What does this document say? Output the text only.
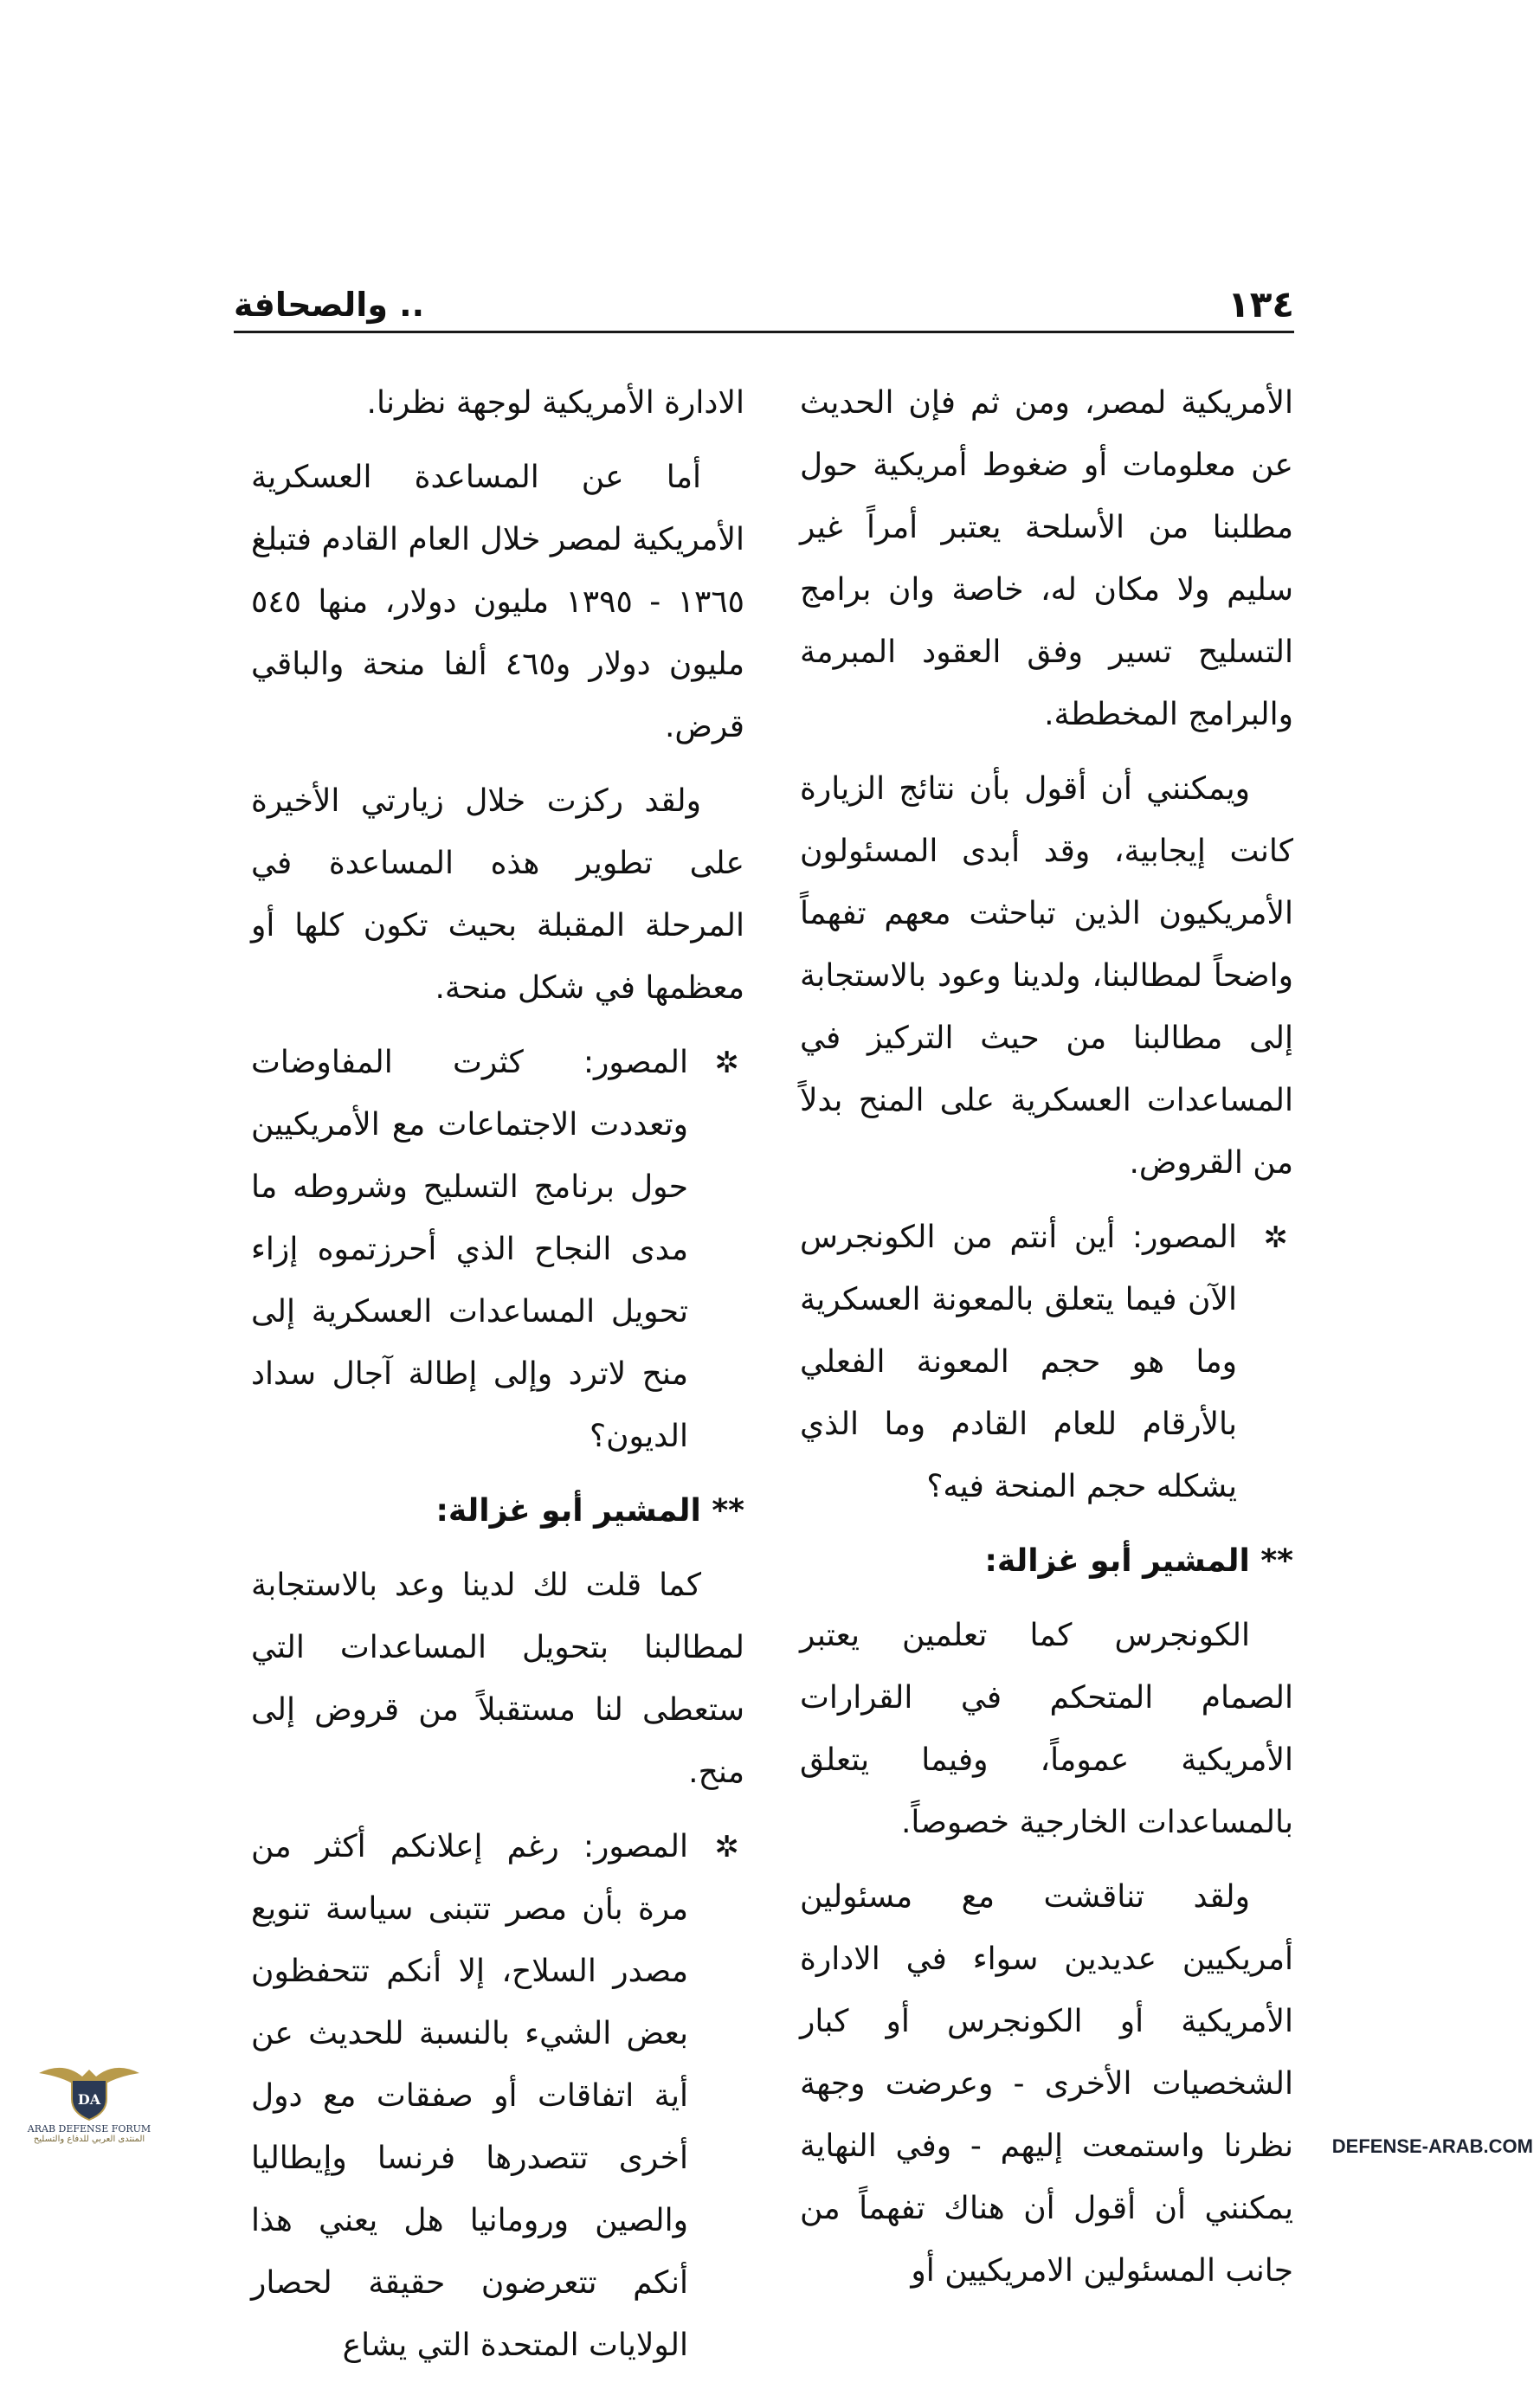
١٣٤
.. والصحافة

الأمريكية لمصر، ومن ثم فإن الحديث عن معلومات أو ضغوط أمريكية حول مطلبنا من الأسلحة يعتبر أمراً غير سليم ولا مكان له، خاصة وان برامج التسليح تسير وفق العقود المبرمة والبرامج المخططة.

ويمكنني أن أقول بأن نتائج الزيارة كانت إيجابية، وقد أبدى المسئولون الأمريكيون الذين تباحثت معهم تفهماً واضحاً لمطالبنا، ولدينا وعود بالاستجابة إلى مطالبنا من حيث التركيز في المساعدات العسكرية على المنح بدلاً من القروض.

✲
المصور: أين أنتم من الكونجرس الآن فيما يتعلق بالمعونة العسكرية وما هو حجم المعونة الفعلي بالأرقام للعام القادم وما الذي يشكله حجم المنحة فيه؟

** المشير أبو غزالة:

الكونجرس كما تعلمين يعتبر الصمام المتحكم في القرارات الأمريكية عموماً، وفيما يتعلق بالمساعدات الخارجية خصوصاً.

ولقد تناقشت مع مسئولين أمريكيين عديدين سواء في الادارة الأمريكية أو الكونجرس أو كبار الشخصيات الأخرى - وعرضت وجهة نظرنا واستمعت إليهم - وفي النهاية يمكنني أن أقول أن هناك تفهماً من جانب المسئولين الامريكيين أو

الادارة الأمريكية لوجهة نظرنا.

أما عن المساعدة العسكرية الأمريكية لمصر خلال العام القادم فتبلغ ١٣٦٥ - ١٣٩٥ مليون دولار، منها ٥٤٥ مليون دولار و٤٦٥ ألفا منحة والباقي قرض.

ولقد ركزت خلال زيارتي الأخيرة على تطوير هذه المساعدة في المرحلة المقبلة بحيث تكون كلها أو معظمها في شكل منحة.

✲
المصور: كثرت المفاوضات وتعددت الاجتماعات مع الأمريكيين حول برنامج التسليح وشروطه ما مدى النجاح الذي أحرزتموه إزاء تحويل المساعدات العسكرية إلى منح لاترد وإلى إطالة آجال سداد الديون؟

** المشير أبو غزالة:

كما قلت لك لدينا وعد بالاستجابة لمطالبنا بتحويل المساعدات التي ستعطى لنا مستقبلاً من قروض إلى منح.

✲
المصور: رغم إعلانكم أكثر من مرة بأن مصر تتبنى سياسة تنويع مصدر السلاح، إلا أنكم تتحفظون بعض الشيء بالنسبة للحديث عن أية اتفاقات أو صفقات مع دول أخرى تتصدرها فرنسا وإيطاليا والصين ورومانيا هل يعني هذا أنكم تتعرضون حقيقة لحصار الولايات المتحدة التي يشاع
DA
ARAB DEFENSE FORUM
المنتدى العربي للدفاع والتسليح	DEFENSE-ARAB.COM
